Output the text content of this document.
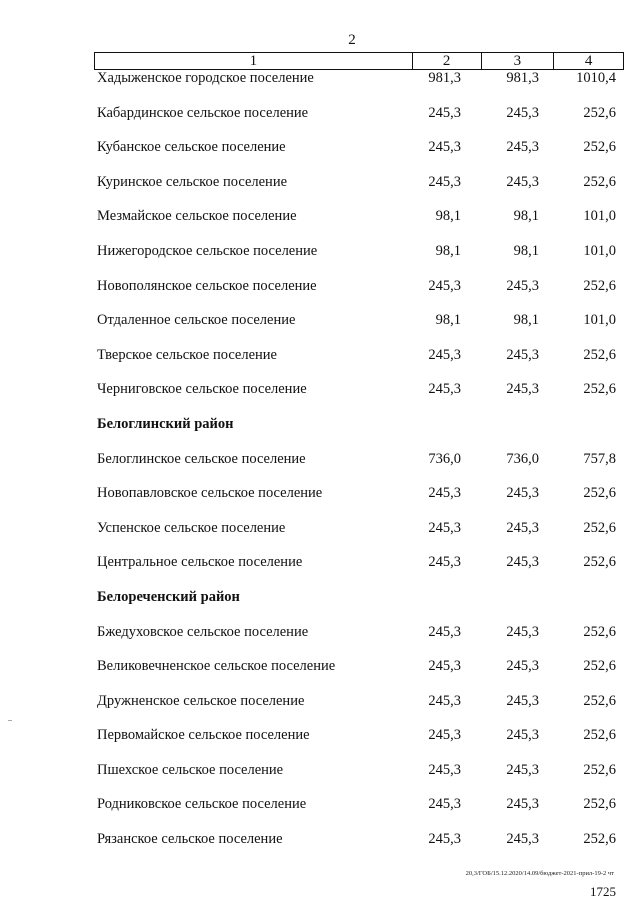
2
1	2	3	4
Хадыженское городское поселение	981,3	981,3	1010,4
Кабардинское сельское поселение	245,3	245,3	252,6
Кубанское сельское поселение	245,3	245,3	252,6
Куринское сельское поселение	245,3	245,3	252,6
Мезмайское сельское поселение	98,1	98,1	101,0
Нижегородское сельское поселение	98,1	98,1	101,0
Новополянское сельское поселение	245,3	245,3	252,6
Отдаленное сельское поселение	98,1	98,1	101,0
Тверское сельское поселение	245,3	245,3	252,6
Черниговское сельское поселение	245,3	245,3	252,6
Белоглинский район
Белоглинское сельское поселение	736,0	736,0	757,8
Новопавловское сельское поселение	245,3	245,3	252,6
Успенское сельское поселение	245,3	245,3	252,6
Центральное сельское поселение	245,3	245,3	252,6
Белореченский район
Бжедуховское сельское поселение	245,3	245,3	252,6
Великовечненское сельское поселение	245,3	245,3	252,6
Дружненское сельское поселение	245,3	245,3	252,6
Первомайское сельское поселение	245,3	245,3	252,6
Пшехское сельское поселение	245,3	245,3	252,6
Родниковское сельское поселение	245,3	245,3	252,6
Рязанское сельское поселение	245,3	245,3	252,6
20,3/ГОБ/15.12.2020/14.09/бюджет-2021-прил-19-2 чт
1725
